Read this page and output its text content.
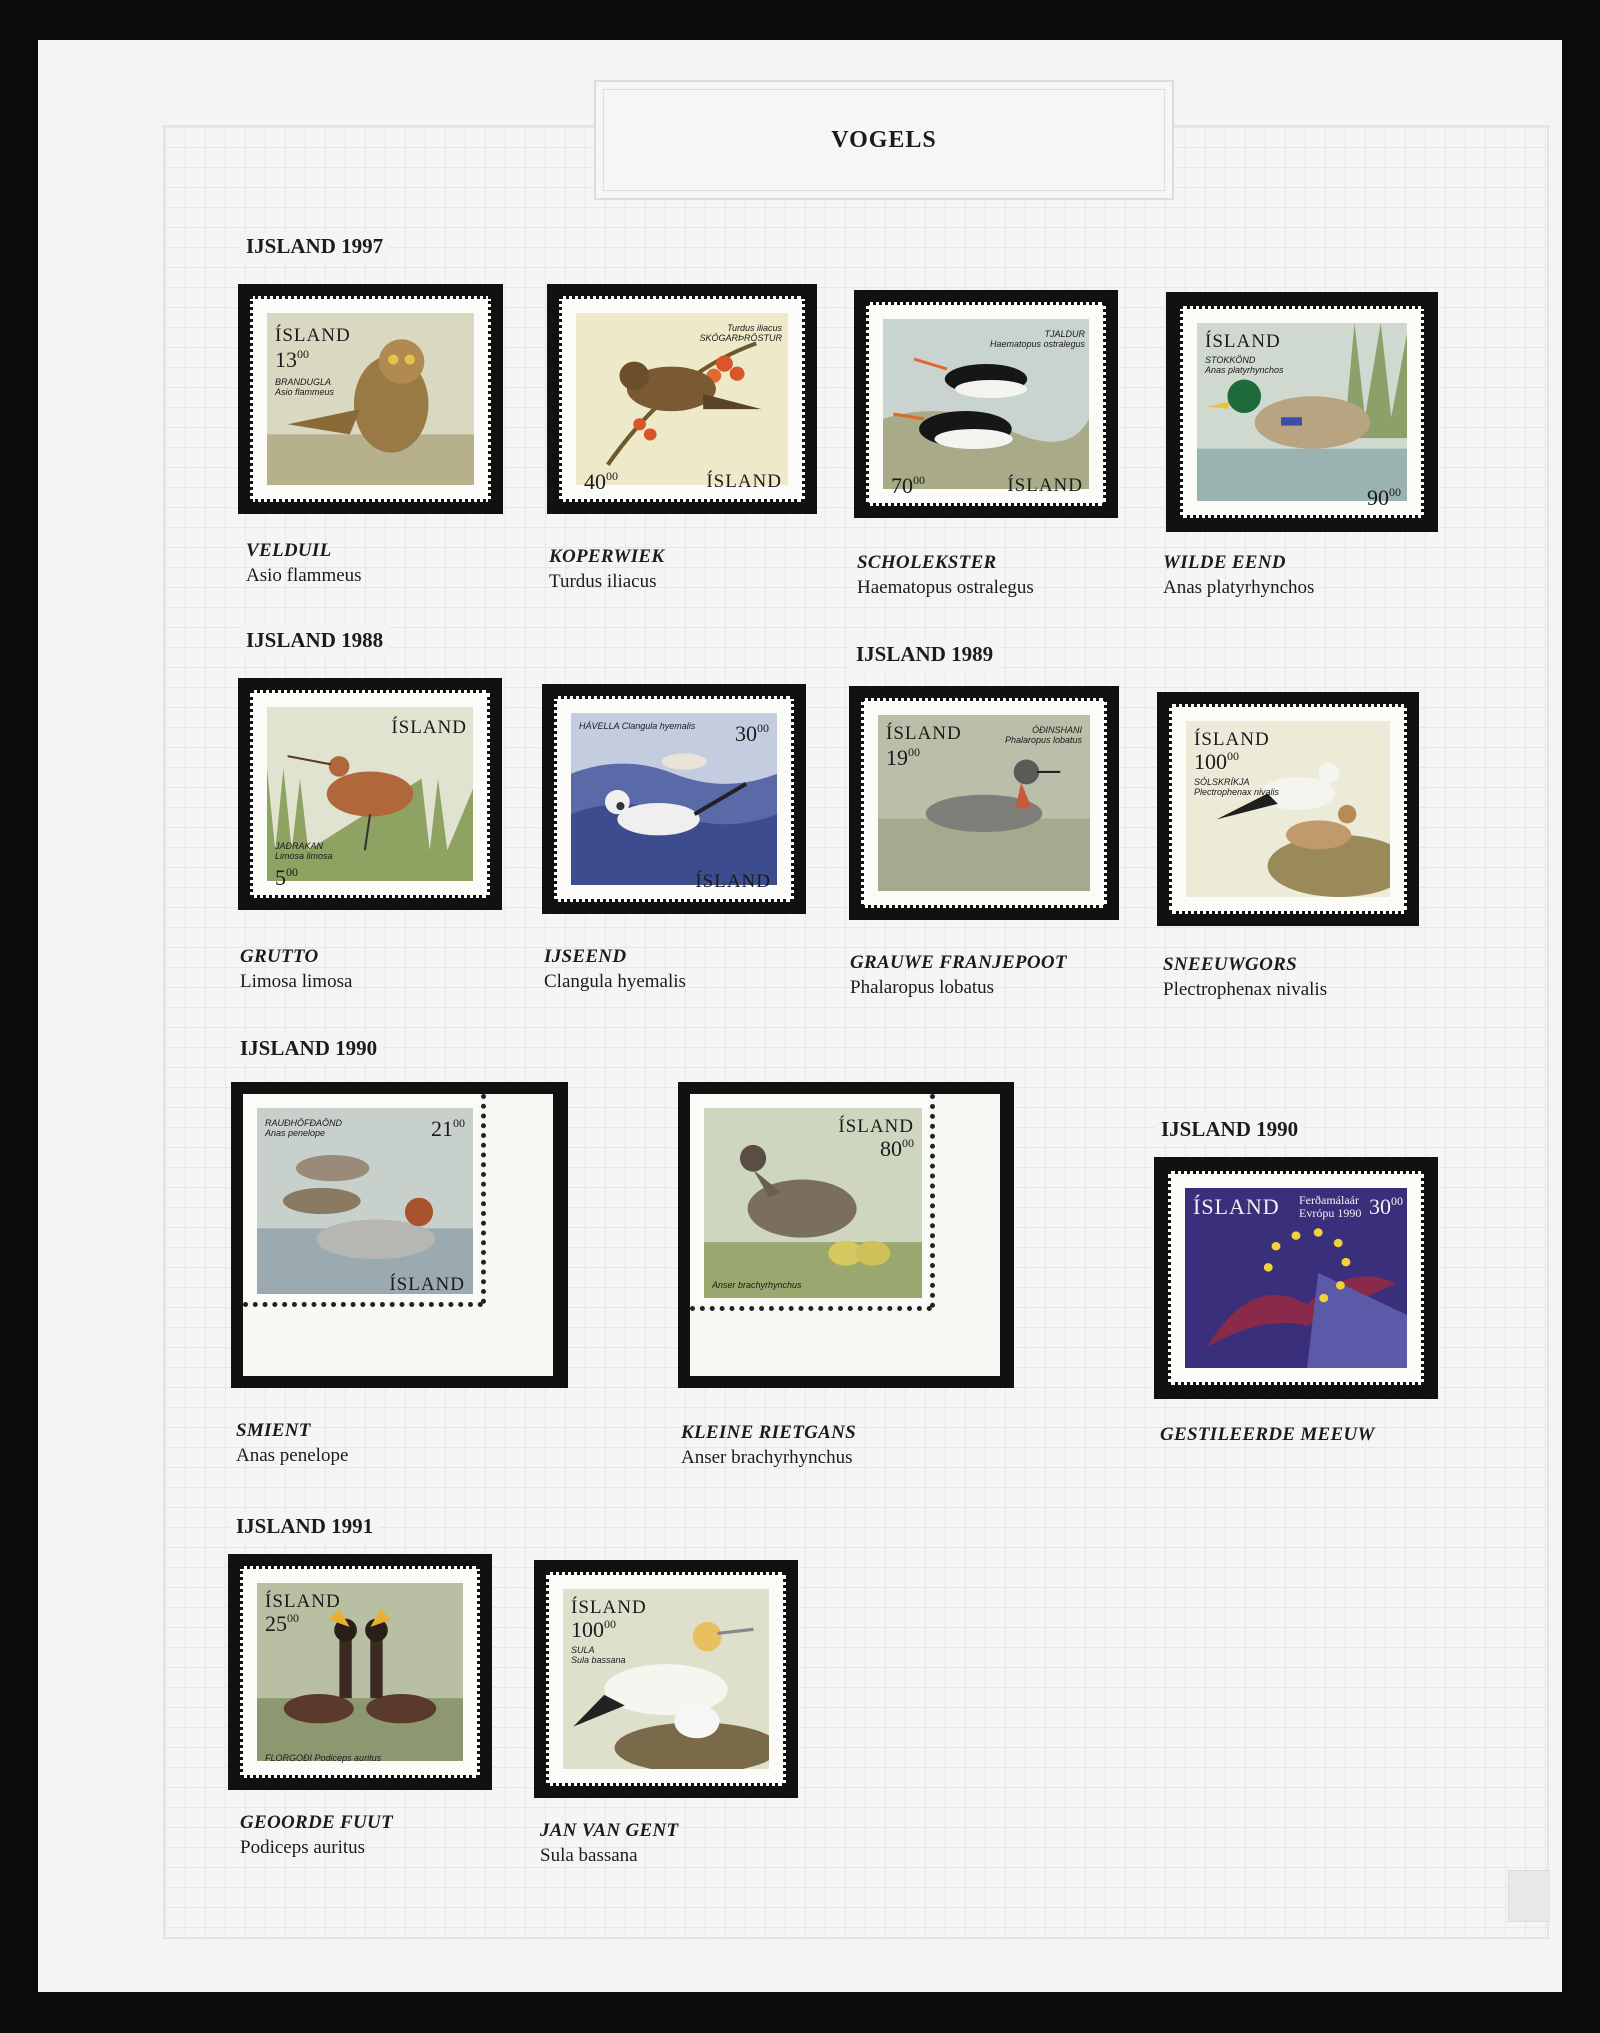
VOGELS
IJSLAND 1997
IJSLAND 1988
IJSLAND 1989
IJSLAND 1990
IJSLAND 1990
IJSLAND 1991
ÍSLAND
$13^{00}$
BRANDUGLA
Asio flammeus
Turdus iliacus
SKÓGARÞRÖSTUR
$40^{00}$	ÍSLAND
TJALDUR
Haematopus ostralegus
$70^{00}$	ÍSLAND
ÍSLAND
STOKKÖND
Anas platyrhynchos
$90^{00}$
VELDUIL
Asio flammeus
KOPERWIEK
Turdus iliacus
SCHOLEKSTER
Haematopus ostralegus
WILDE EEND
Anas platyrhynchos
ÍSLAND
JAÐRAKAN
Limosa limosa
$5^{00}$
HÁVELLA Clangula hyemalis $30^{00}$
ÍSLAND
ÍSLAND
$19^{00}$
ÓÐINSHANI
Phalaropus lobatus	ÍSLAND
$100^{00}$
SÓLSKRÍKJA
Plectrophenax nivalis
GRUTTO
Limosa limosa
IJSEEND
Clangula hyemalis
GRAUWE FRANJEPOOT
Phalaropus lobatus
SNEEUWGORS
Plectrophenax nivalis
RAUÐHÖFÐAÖND
Anas penelope	$21^{00}$
ÍSLAND
ÍSLAND
$80^{00}$
Anser brachyrhynchus
ÍSLAND Ferðamálaár Evrópu 1990 $30^{00}$
SMIENT
Anas penelope
KLEINE RIETGANS
Anser brachyrhynchus
GESTILEERDE MEEUW
ÍSLAND
$25^{00}$
FLORGOÐI Podiceps auritus
ÍSLAND
$100^{00}$
SULA
Sula bassana
GEOORDE FUUT
Podiceps auritus
JAN VAN GENT
Sula bassana
